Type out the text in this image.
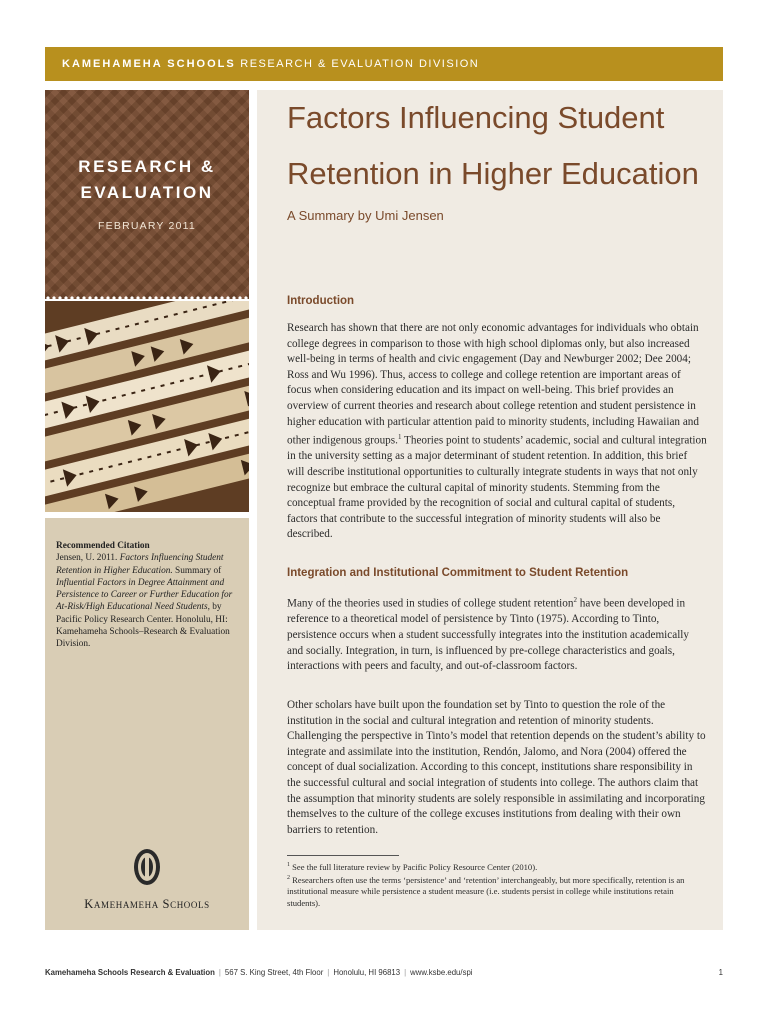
KAMEHAMEHA SCHOOLS RESEARCH & EVALUATION DIVISION
RESEARCH &
EVALUATION
FEBRUARY 2011
Recommended Citation
Jensen, U. 2011. Factors Influencing Student Retention in Higher Education. Summary of Influential Factors in Degree Attainment and Persistence to Career or Further Education for At-Risk/High Educational Need Students, by Pacific Policy Research Center. Honolulu, HI: Kamehameha Schools–Research & Evaluation Division.
Kamehameha Schools
Factors Influencing Student
Retention in Higher Education
A Summary by Umi Jensen
Introduction
Research has shown that there are not only economic advantages for individuals who obtain college degrees in comparison to those with high school diplomas only, but also increased well-being in terms of health and civic engagement (Day and Newburger 2002; Dee 2004; Ross and Wu 1996). Thus, access to college and college retention are important areas of focus when considering education and its impact on well-being. This brief provides an overview of current theories and research about college retention and student persistence in higher education with particular attention paid to minority students, including Hawaiian and other indigenous groups.$^1$ Theories point to students’ academic, social and cultural integration in the university setting as a major determinant of student retention. In addition, this brief will describe institutional opportunities to culturally integrate students in ways that not only recognize but embrace the cultural capital of minority students. Stemming from the conceptual frame provided by the recognition of social and cultural capital of students, factors that contribute to the successful integration of minority students will also be described.
Integration and Institutional Commitment to Student Retention
Many of the theories used in studies of college student retention$^2$ have been developed in reference to a theoretical model of persistence by Tinto (1975). According to Tinto, persistence occurs when a student successfully integrates into the institution academically and socially. Integration, in turn, is influenced by pre-college characteristics and goals, interactions with peers and faculty, and out-of-classroom factors.
Other scholars have built upon the foundation set by Tinto to question the role of the institution in the social and cultural integration and retention of minority students. Challenging the perspective in Tinto’s model that retention depends on the student’s ability to integrate and assimilate into the institution, Rendón, Jalomo, and Nora (2004) offered the concept of dual socialization. According to this concept, institutions share responsibility in the successful cultural and social integration of students into college. The authors claim that the assumption that minority students are solely responsible in assimilating and incorporating themselves to the culture of the college excuses institutions from dealing with their own barriers to retention.
$^1$ See the full literature review by Pacific Policy Resource Center (2010).
$^2$ Researchers often use the terms ‘persistence’ and ‘retention’ interchangeably, but more specifically, retention is an institutional measure while persistence a student measure (i.e. students persist in college while institutions retain students).
Kamehameha Schools Research & Evaluation | 567 S. King Street, 4th Floor | Honolulu, HI 96813 | www.ksbe.edu/spi	1
